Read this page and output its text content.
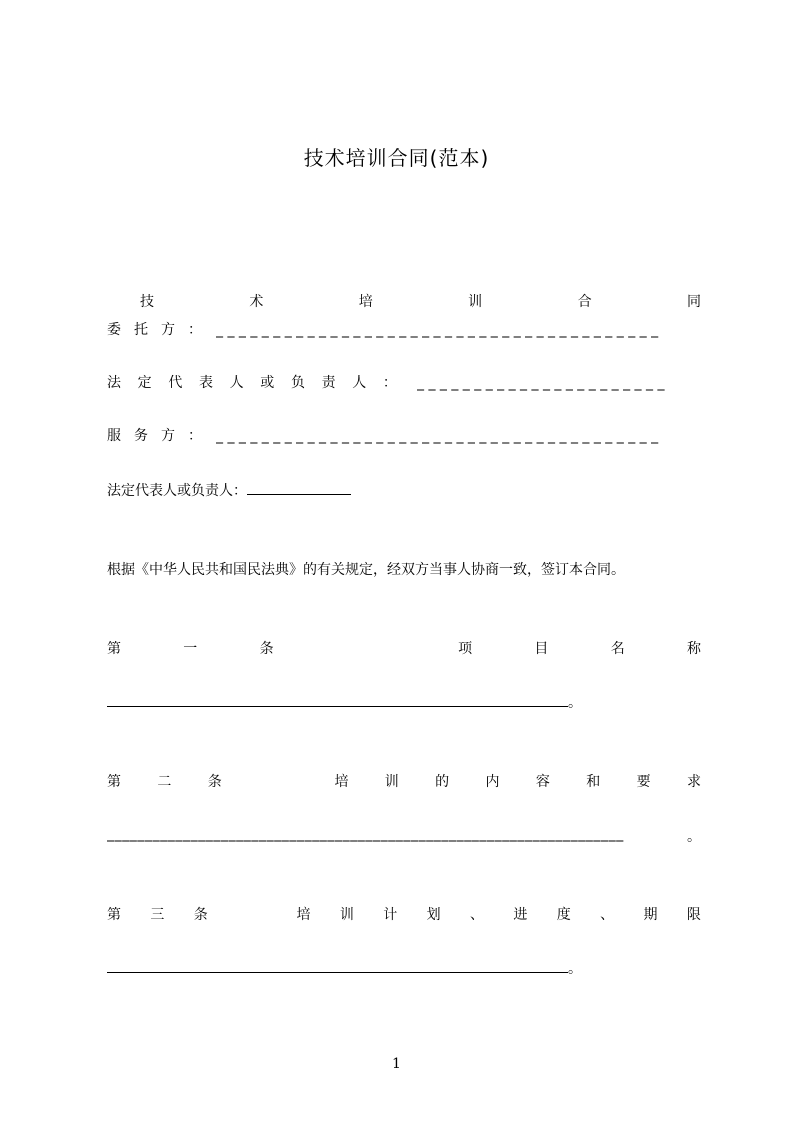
技术培训合同(范本)
技	术	培	训	合	同
委 托 方 ： _ _ _ _ _ _ _ _ _ _ _ _ _ _ _ _ _ _ _ _ _ _ _ _ _ _ _ _ _ _ _ _ _ _ _ _ _ _ _
法 定 代 表 人 或 负 责 人 ： _ _ _ _ _ _ _ _ _ _ _ _ _ _ _ _ _ _ _ _ _ _
服 务 方 ： _ _ _ _ _ _ _ _ _ _ _ _ _ _ _ _ _ _ _ _ _ _ _ _ _ _ _ _ _ _ _ _ _ _ _ _ _ _ _
法定代表人或负责人：
根据《中华人民共和国民法典》的有关规定，经双方当事人协商一致，签订本合同。
第	一	条	项	目	名	称
。
第	二	条	培	训	的	内	容	和	要	求
____________________________________________________________________	。
第 三 条	培 训 计 划 、 进 度 、 期 限
。
1
